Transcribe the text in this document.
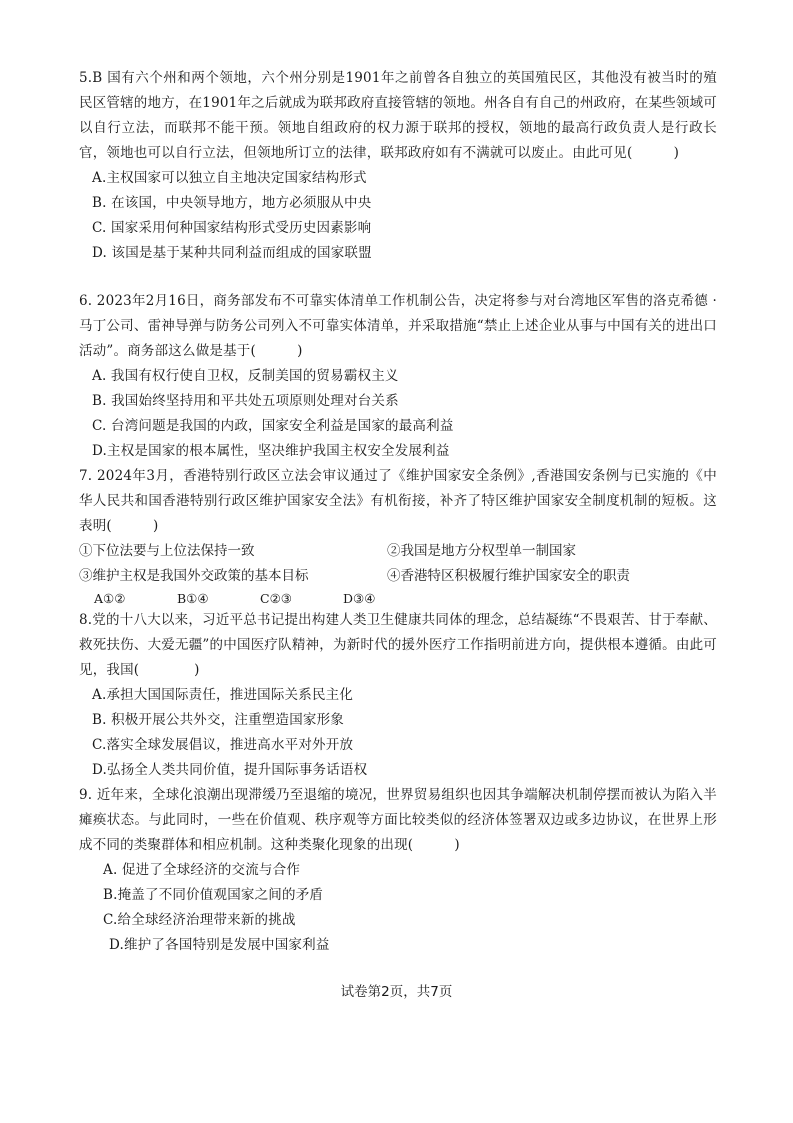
5.B 国有六个州和两个领地，六个州分别是1901年之前曾各自独立的英国殖民区，其他没有被当时的殖民区管辖的地方，在1901年之后就成为联邦政府直接管辖的领地。州各自有自己的州政府，在某些领域可以自行立法，而联邦不能干预。领地自组政府的权力源于联邦的授权，领地的最高行政负责人是行政长官，领地也可以自行立法，但领地所订立的法律，联邦政府如有不满就可以废止。由此可见(　　　)

A.主权国家可以独立自主地决定国家结构形式
B. 在该国，中央领导地方，地方必须服从中央
C. 国家采用何种国家结构形式受历史因素影响
D. 该国是基于某种共同利益而组成的国家联盟

6. 2023年2月16日，商务部发布不可靠实体清单工作机制公告，决定将参与对台湾地区军售的洛克希德 ·马丁公司、雷神导弹与防务公司列入不可靠实体清单，并采取措施“禁止上述企业从事与中国有关的进出口活动”。商务部这么做是基于(　　　)

A. 我国有权行使自卫权，反制美国的贸易霸权主义
B. 我国始终坚持用和平共处五项原则处理对台关系
C. 台湾问题是我国的内政，国家安全利益是国家的最高利益
D.主权是国家的根本属性，坚决维护我国主权安全发展利益

7. 2024年3月，香港特别行政区立法会审议通过了《维护国家安全条例》,香港国安条例与已实施的《中华人民共和国香港特别行政区维护国家安全法》有机衔接，补齐了特区维护国家安全制度机制的短板。这表明(　　　)

①下位法要与上位法保持一致	②我国是地方分权型单一制国家
③维护主权是我国外交政策的基本目标	④香港特区积极履行维护国家安全的职责
A①②	B①④	C②③	D③④

8.党的十八大以来，习近平总书记提出构建人类卫生健康共同体的理念，总结凝练“不畏艰苦、甘于奉献、救死扶伤、大爱无疆”的中国医疗队精神，为新时代的援外医疗工作指明前进方向，提供根本遵循。由此可见，我国(　　　　)

A.承担大国国际责任，推进国际关系民主化
B. 积极开展公共外交，注重塑造国家形象
C.落实全球发展倡议，推进高水平对外开放
D.弘扬全人类共同价值，提升国际事务话语权

9. 近年来，全球化浪潮出现滞缓乃至退缩的境况，世界贸易组织也因其争端解决机制停摆而被认为陷入半瘫痪状态。与此同时，一些在价值观、秩序观等方面比较类似的经济体签署双边或多边协议，在世界上形成不同的类聚群体和相应机制。这种类聚化现象的出现(　　　)

A. 促进了全球经济的交流与合作
B.掩盖了不同价值观国家之间的矛盾
C.给全球经济治理带来新的挑战
D.维护了各国特别是发展中国家利益
试卷第2页，共7页
